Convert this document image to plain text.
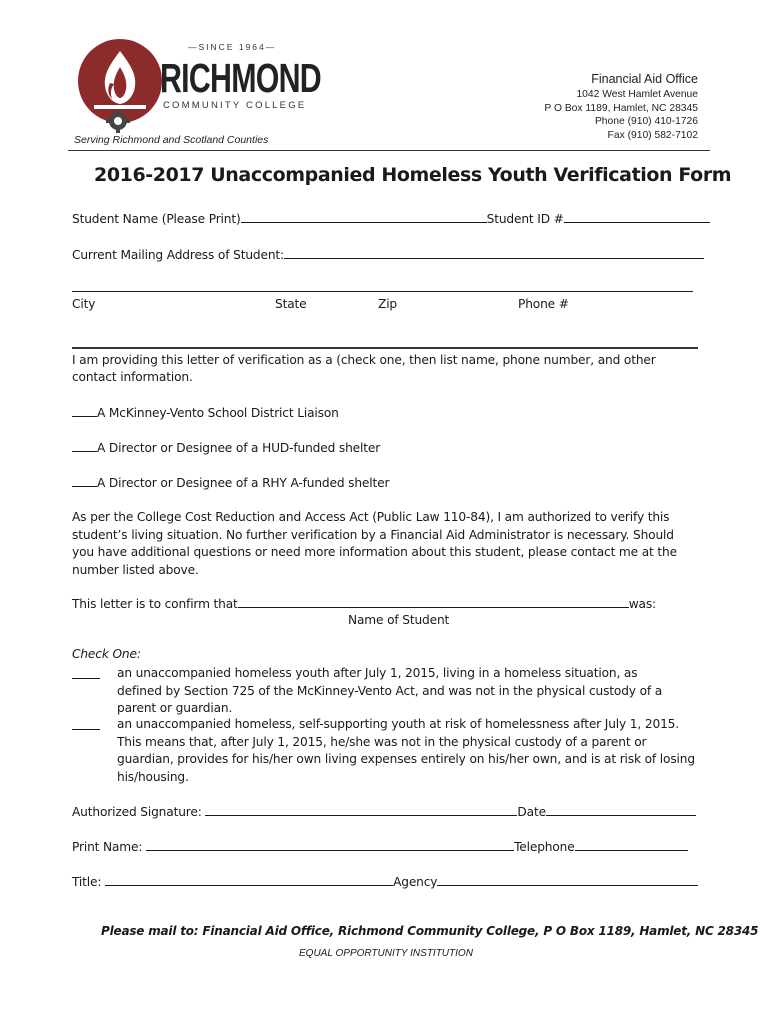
—SINCE 1964—
RICHMOND
COMMUNITY COLLEGE
Serving Richmond and Scotland Counties
Financial Aid Office
1042 West Hamlet Avenue
P O Box 1189, Hamlet, NC 28345
Phone (910) 410-1726
Fax (910) 582-7102
2016-2017 Unaccompanied Homeless Youth Verification Form
Student Name (Please Print)	Student ID #
Current Mailing Address of Student:
City	State	Zip	Phone #
I am providing this letter of verification as a (check one, then list name, phone number, and other contact information.
A McKinney-Vento School District Liaison
A Director or Designee of a HUD-funded shelter
A Director or Designee of a RHY A-funded shelter
As per the College Cost Reduction and Access Act (Public Law 110-84), I am authorized to verify this student’s living situation. No further verification by a Financial Aid Administrator is necessary. Should you have additional questions or need more information about this student, please contact me at the number listed above.
This letter is to confirm that	was:
Name of Student
Check One:
an unaccompanied homeless youth after July 1, 2015, living in a homeless situation, as defined by Section 725 of the McKinney-Vento Act, and was not in the physical custody of a parent or guardian.
an unaccompanied homeless, self-supporting youth at risk of homelessness after July 1, 2015. This means that, after July 1, 2015, he/she was not in the physical custody of a parent or guardian, provides for his/her own living expenses entirely on his/her own, and is at risk of losing his/housing.
Authorized Signature:	Date
Print Name:	Telephone
Title:	Agency
Please mail to: Financial Aid Office, Richmond Community College, P O Box 1189, Hamlet, NC 28345
EQUAL OPPORTUNITY INSTITUTION
